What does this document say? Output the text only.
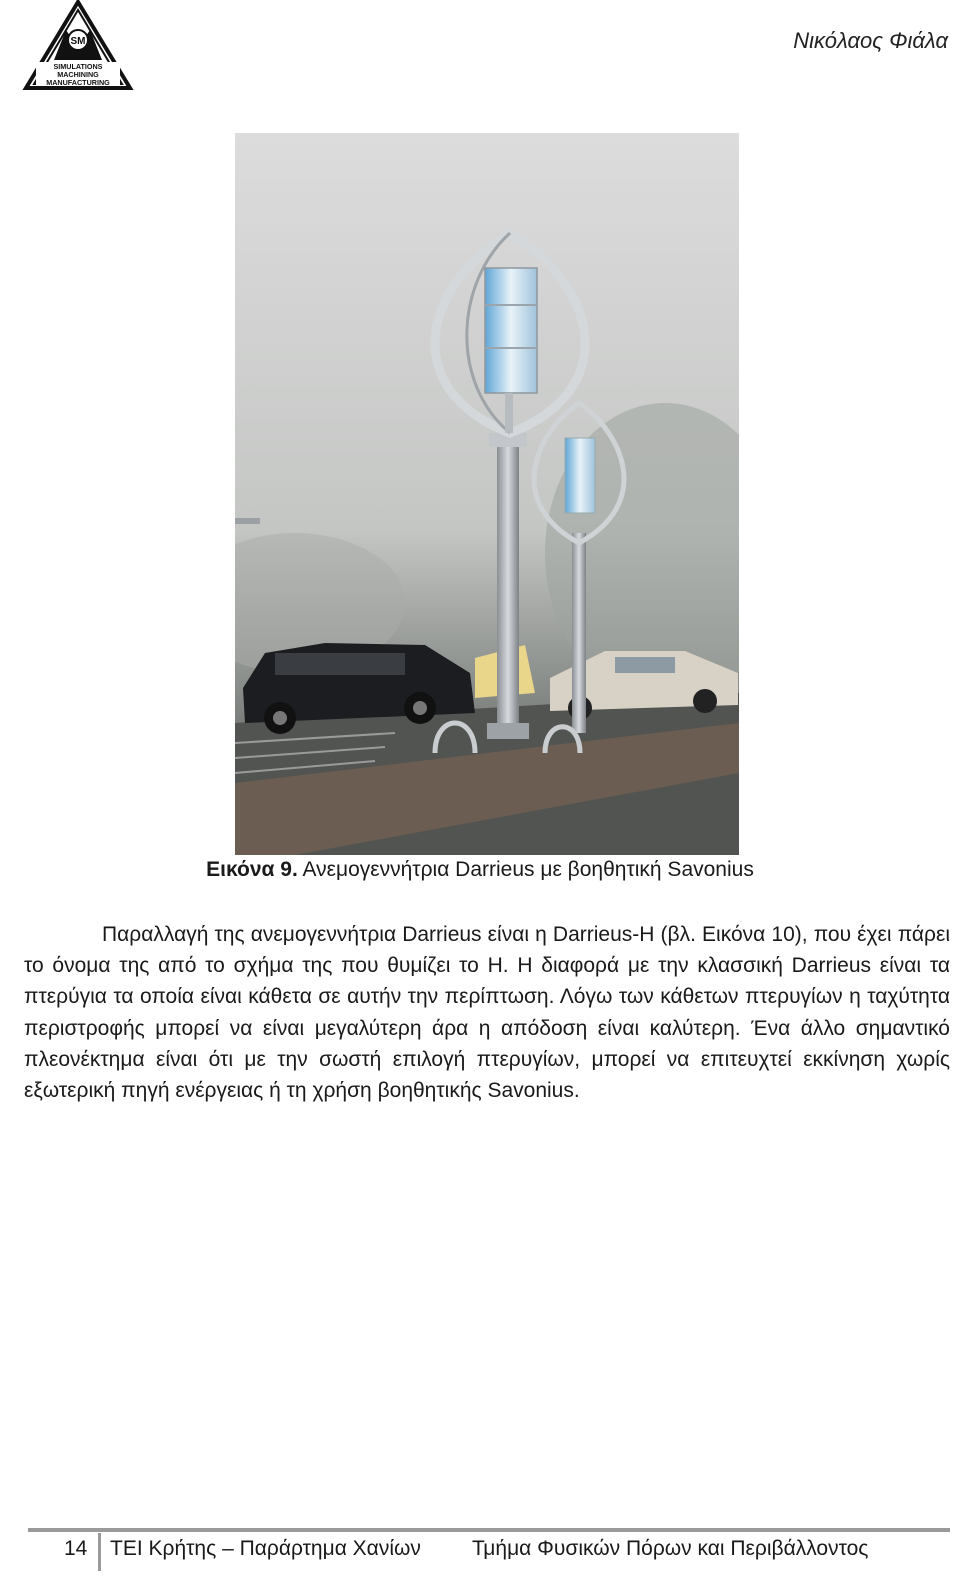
SM
SIMULATIONS
MACHINING
MANUFACTURING
Νικόλαος Φιάλα
Εικόνα 9. Ανεμογεννήτρια Darrieus με βοηθητική Savonius

Παραλλαγή της ανεμογεννήτρια Darrieus είναι η Darrieus-H (βλ. Εικόνα 10), που έχει πάρει το όνομα της από το σχήμα της που θυμίζει το Η. Η διαφορά με την κλασσική Darrieus είναι τα πτερύγια τα οποία είναι κάθετα σε αυτήν την περίπτωση. Λόγω των κάθετων πτερυγίων η ταχύτητα περιστροφής μπορεί να είναι μεγαλύτερη άρα η απόδοση είναι καλύτερη. Ένα άλλο σημαντικό πλεονέκτημα είναι ότι με την σωστή επιλογή πτερυγίων, μπορεί να επιτευχτεί εκκίνηση χωρίς εξωτερική πηγή ενέργειας ή τη χρήση βοηθητικής Savonius.

14 ΤΕΙ Κρήτης – Παράρτημα Χανίων Τμήμα Φυσικών Πόρων και Περιβάλλοντος
